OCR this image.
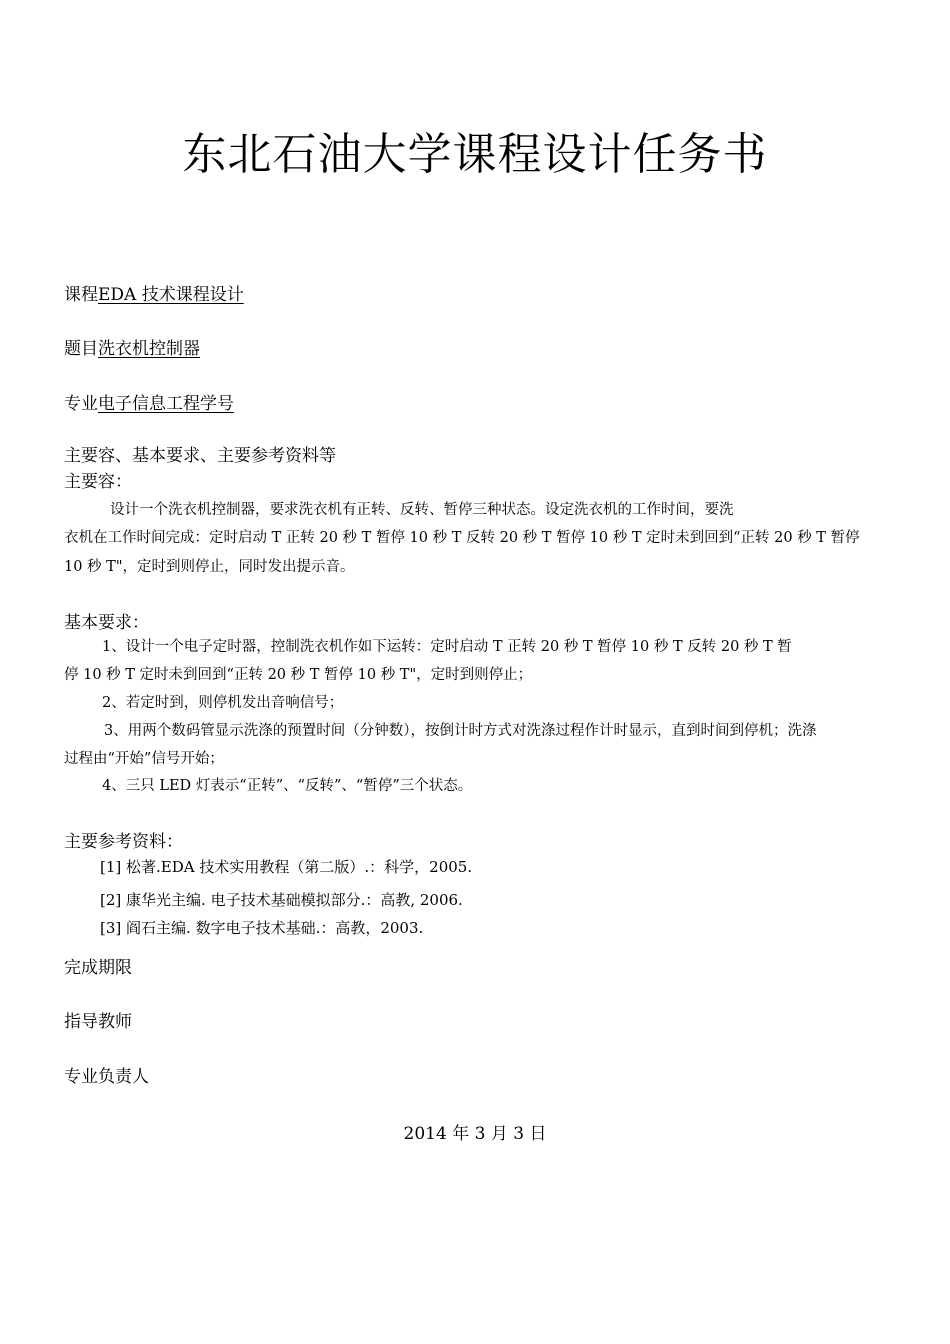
东北石油大学课程设计任务书
课程EDA 技术课程设计
题目洗衣机控制器
专业电子信息工程学号
主要容、基本要求、主要参考资料等
主要容：
设计一个洗衣机控制器，要求洗衣机有正转、反转、暂停三种状态。设定洗衣机的工作时间，要洗
衣机在工作时间完成：定时启动 T 正转 20 秒 T 暂停 10 秒 T 反转 20 秒 T 暂停 10 秒 T 定时未到回到“正转 20 秒 T 暂停
10 秒 T"，定时到则停止，同时发出提示音。
基本要求：
1、设计一个电子定时器，控制洗衣机作如下运转：定时启动 T 正转 20 秒 T 暂停 10 秒 T 反转 20 秒 T 暂
停 10 秒 T 定时未到回到“正转 20 秒 T 暂停 10 秒 T"，定时到则停止；
2、若定时到，则停机发出音响信号；
3、用两个数码管显示洗涤的预置时间（分钟数），按倒计时方式对洗涤过程作计时显示，直到时间到停机；洗涤
过程由“开始”信号开始；
4、三只 LED 灯表示“正转”、“反转”、“暂停”三个状态。
主要参考资料：
[1] 松著.EDA 技术实用教程（第二版）.：科学，2005.
[2] 康华光主编. 电子技术基础模拟部分.：高教, 2006.
[3] 阎石主编. 数字电子技术基础.：高教，2003.
完成期限
指导教师
专业负责人
2014 年 3 月 3 日
